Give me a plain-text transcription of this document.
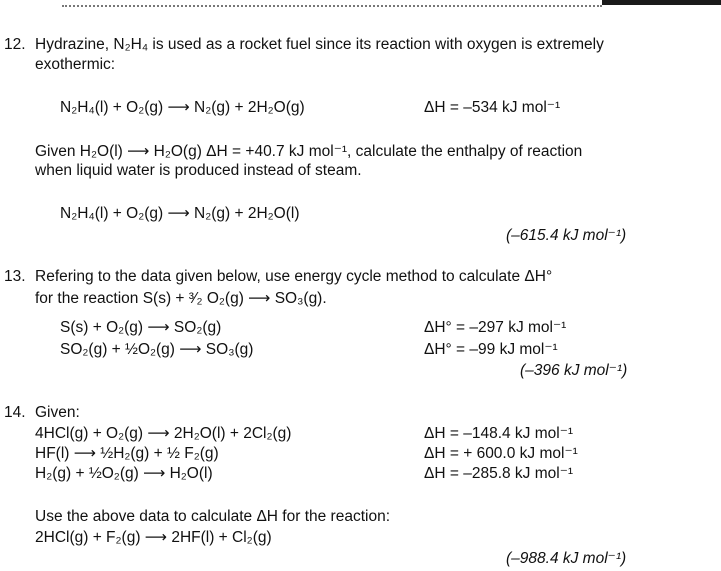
12. Hydrazine, N₂H₄ is used as a rocket fuel since its reaction with oxygen is extremely
exothermic:
N₂H₄(l) + O₂(g) ⟶ N₂(g) + 2H₂O(g)	ΔH = –534 kJ mol⁻¹
Given H₂O(l) ⟶ H₂O(g) ΔH = +40.7 kJ mol⁻¹, calculate the enthalpy of reaction
when liquid water is produced instead of steam.
N₂H₄(l) + O₂(g) ⟶ N₂(g) + 2H₂O(l)
(–615.4 kJ mol⁻¹)
13. Refering to the data given below, use energy cycle method to calculate ΔH°
for the reaction S(s) + ³⁄₂ O₂(g) ⟶ SO₃(g).
S(s) + O₂(g) ⟶ SO₂(g)	ΔH° = –297 kJ mol⁻¹
SO₂(g) + ½O₂(g) ⟶ SO₃(g)	ΔH° = –99 kJ mol⁻¹
(–396 kJ mol⁻¹)
14. Given:
4HCl(g) + O₂(g) ⟶ 2H₂O(l) + 2Cl₂(g)	ΔH = –148.4 kJ mol⁻¹
HF(l) ⟶ ½H₂(g) + ½ F₂(g)	ΔH = + 600.0 kJ mol⁻¹
H₂(g) + ½O₂(g) ⟶ H₂O(l)	ΔH = –285.8 kJ mol⁻¹
Use the above data to calculate ΔH for the reaction:
2HCl(g) + F₂(g) ⟶ 2HF(l) + Cl₂(g)
(–988.4 kJ mol⁻¹)
